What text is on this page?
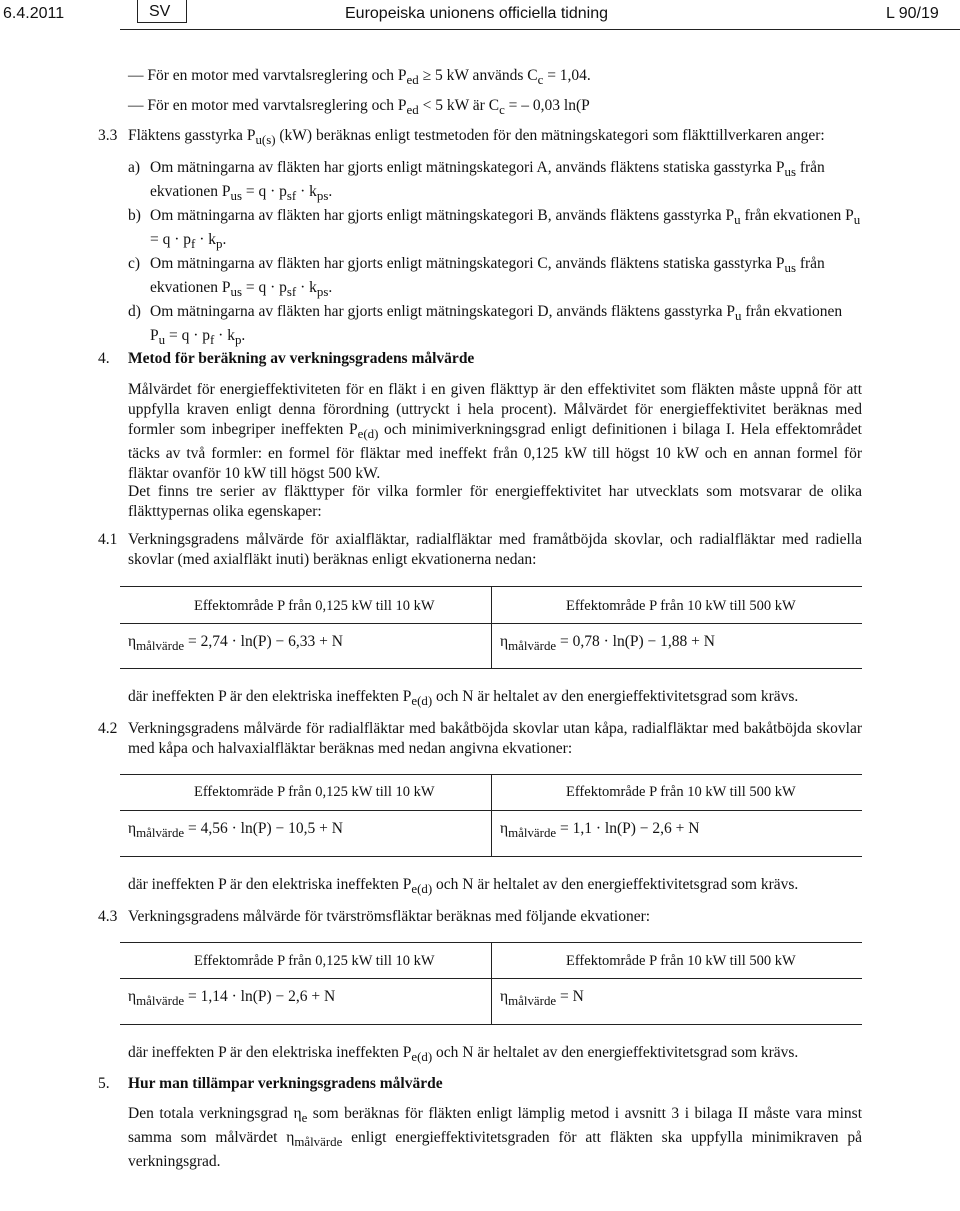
6.4.2011	SV	Europeiska unionens officiella tidning	L 90/19
— För en motor med varvtalsreglering och $P_{ed} \ge 5$ kW används $C_c = 1,04$.
— För en motor med varvtalsreglering och $P_{ed} < 5$ kW är $C_c$ = – 0,03 ln(P
3.3 Fläktens gasstyrka $P_{u(s)}$ (kW) beräknas enligt testmetoden för den mätningskategori som fläkttillverkaren anger:
a) Om mätningarna av fläkten har gjorts enligt mätningskategori A, används fläktens statiska gasstyrka $P_{us}$ från
ekvationen $P_{us} = q \cdot p_{sf} \cdot k_{ps}$.
b) Om mätningarna av fläkten har gjorts enligt mätningskategori B, används fläktens gasstyrka $P_u$ från ekvationen $P_u$
= $q \cdot p_f \cdot k_p$.
c) Om mätningarna av fläkten har gjorts enligt mätningskategori C, används fläktens statiska gasstyrka $P_{us}$ från
ekvationen $P_{us} = q \cdot p_{sf} \cdot k_{ps}$.
d) Om mätningarna av fläkten har gjorts enligt mätningskategori D, används fläktens gasstyrka $P_u$ från ekvationen
$P_u = q \cdot p_f \cdot k_p$.
4. Metod för beräkning av verkningsgradens målvärde
Målvärdet för energieffektiviteten för en fläkt i en given fläkttyp är den effektivitet som fläkten måste uppnå för att uppfylla kraven enligt denna förordning (uttryckt i hela procent). Målvärdet för energieffektivitet beräknas med formler som inbegriper ineffekten $P_{e(d)}$ och minimiverkningsgrad enligt definitionen i bilaga I. Hela effektområdet täcks av två formler: en formel för fläktar med ineffekt från 0,125 kW till högst 10 kW och en annan formel för fläktar ovanför 10 kW till högst 500 kW.
Det finns tre serier av fläkttyper för vilka formler för energieffektivitet har utvecklats som motsvarar de olika fläkttypernas olika egenskaper:
4.1 Verkningsgradens målvärde för axialfläktar, radialfläktar med framåtböjda skovlar, och radialfläktar med radiella skovlar (med axialfläkt inuti) beräknas enligt ekvationerna nedan:
Effektområde P från 0,125 kW till 10 kW	Effektområde P från 10 kW till 500 kW
$\eta_{målvärde} = 2,74 \cdot \ln(P) - 6,33 + N$	$\eta_{målvärde} = 0,78 \cdot \ln(P) - 1,88 + N$
där ineffekten P är den elektriska ineffekten $P_{e(d)}$ och N är heltalet av den energieffektivitetsgrad som krävs.
4.2 Verkningsgradens målvärde för radialfläktar med bakåtböjda skovlar utan kåpa, radialfläktar med bakåtböjda skovlar med kåpa och halvaxialfläktar beräknas med nedan angivna ekvationer:
Effektomräde P från 0,125 kW till 10 kW	Effektområde P från 10 kW till 500 kW
$\eta_{målvärde} = 4,56 \cdot \ln(P) - 10,5 + N$	$\eta_{målvärde} = 1,1 \cdot \ln(P) - 2,6 + N$
där ineffekten P är den elektriska ineffekten $P_{e(d)}$ och N är heltalet av den energieffektivitetsgrad som krävs.
4.3 Verkningsgradens målvärde för tvärströmsfläktar beräknas med följande ekvationer:
Effektområde P från 0,125 kW till 10 kW	Effektområde P från 10 kW till 500 kW
$\eta_{målvärde} = 1,14 \cdot \ln(P) - 2,6 + N$	$\eta_{målvärde} = N$
där ineffekten P är den elektriska ineffekten $P_{e(d)}$ och N är heltalet av den energieffektivitetsgrad som krävs.
5. Hur man tillämpar verkningsgradens målvärde
Den totala verkningsgrad $\eta_e$ som beräknas för fläkten enligt lämplig metod i avsnitt 3 i bilaga II måste vara minst samma som målvärdet $\eta_{målvärde}$ enligt energieffektivitetsgraden för att fläkten ska uppfylla minimikraven på verkningsgrad.
